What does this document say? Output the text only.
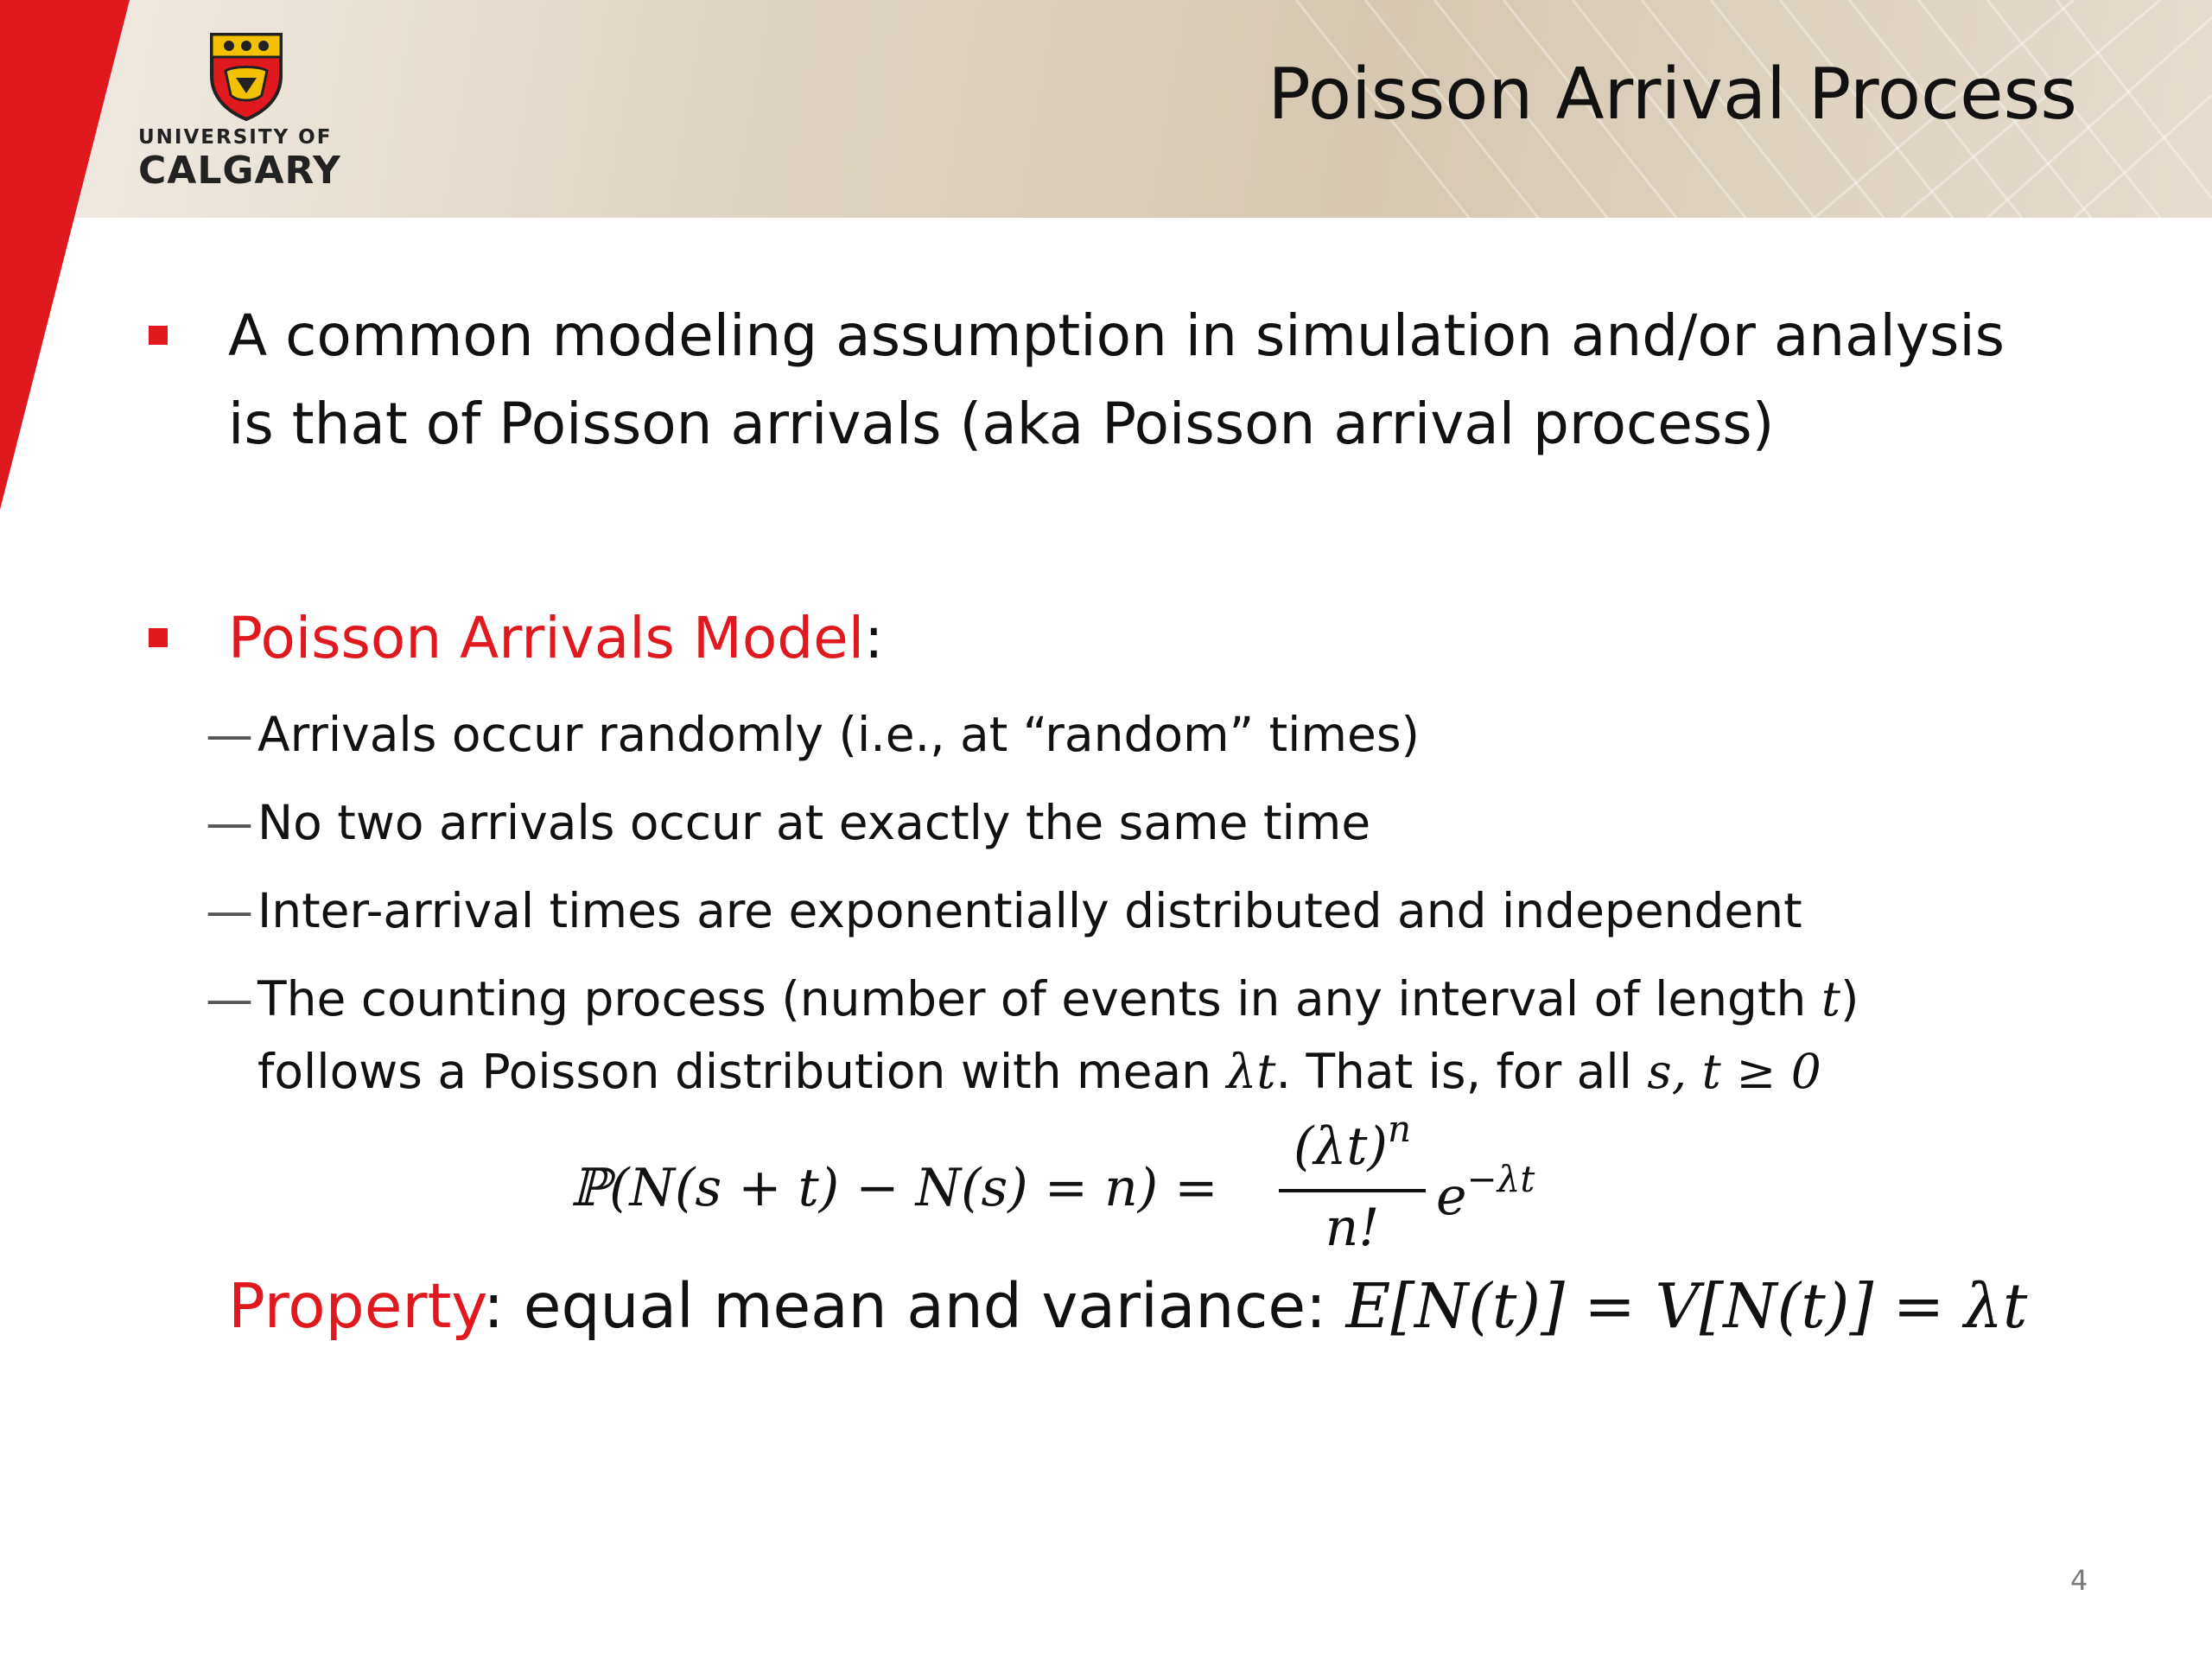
UNIVERSITY OF
CALGARY
Poisson Arrival Process
A common modeling assumption in simulation and/or analysis
is that of Poisson arrivals (aka Poisson arrival process)
Poisson Arrivals Model:
— Arrivals occur randomly (i.e., at “random” times)
— No two arrivals occur at exactly the same time
— Inter-arrival times are exponentially distributed and independent
— The counting process (number of events in any interval of length t)
follows a Poisson distribution with mean λt. That is, for all s, t ≥ 0
ℙ(N(s + t) − N(s) = n) =
$(\lambda t)^n$
n!
$e^{-\lambda t}$
Property: equal mean and variance: E[N(t)] = V[N(t)] = λt
4
